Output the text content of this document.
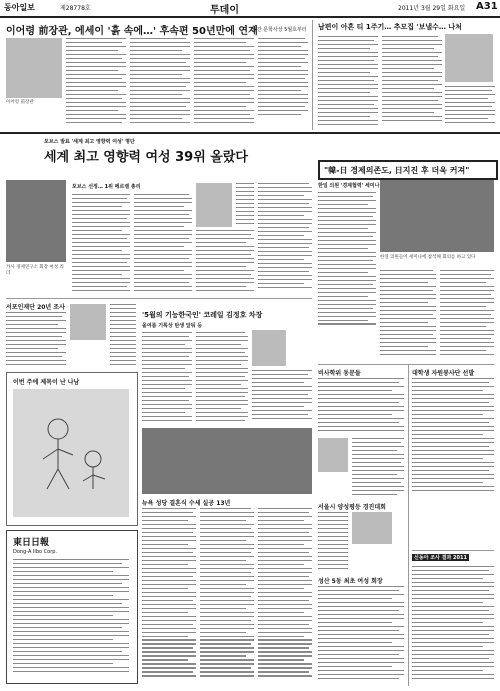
동아일보	제28778호	투데이	2011년 3월 29일 화요일 A31
이어령 前장관, 에세이 '흙 속에…' 후속편 50년만에 연재
월간 문학사상 5월호부터
이어령 前장관
남편이 아흔 티 1주기… 추모집 '보낼수… 나처
포브스 발표 '세계 최고 영향력 여성' 명단
세계 최고 영향력 여성 39위 올랐다
카사 경제연구소 회장 여성 리더
포브스 선정… 1위 메르켈 총리
"韓-日 경제의존도, 日지진 후 더욱 커져"
한일 의원 '경제협력' 세미나
한일 의원들이 세미나에 참석해 회의를 하고 있다
서포인재단 20년 조사
'5월의 기능한국인' 코레일 김정호 차장
올여름 기록상 탄생 앞둬 등
이번 주에 제목이 난 나남
東日日報
Dong-A Ilbo Corp.
뉴욕 성당 결혼식 수세 실공 13년
비사학위 동문들
서울시 양성평등 경진대회
성산 5동 최초 여성 회장
대학생 자원봉사단 선발
신동아 조사 결과 2011
